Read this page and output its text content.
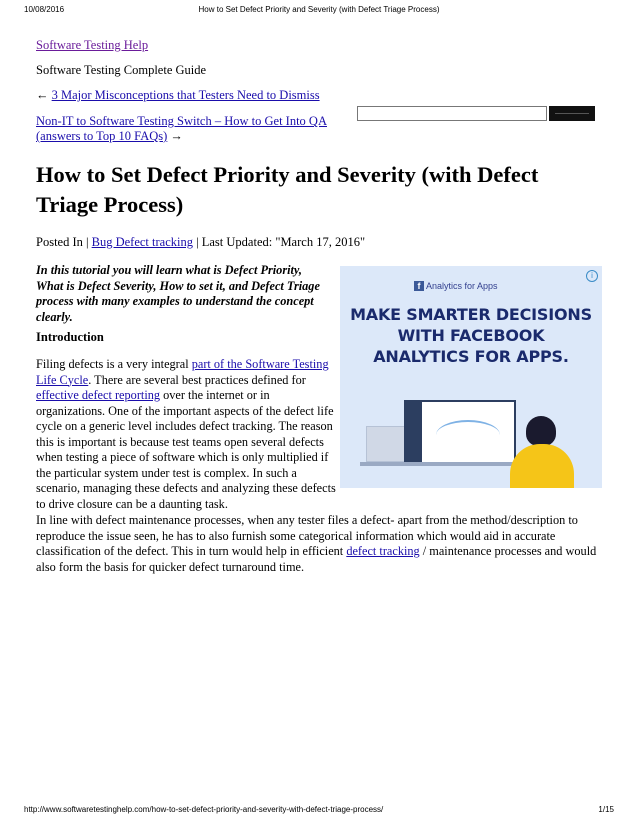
10/08/2016	How to Set Defect Priority and Severity (with Defect Triage Process)
Software Testing Help
Software Testing Complete Guide
← 3 Major Misconceptions that Testers Need to Dismiss
Non-IT to Software Testing Switch – How to Get Into QA (answers to Top 10 FAQs) →
How to Set Defect Priority and Severity (with Defect Triage Process)
Posted In | Bug Defect tracking | Last Updated: "March 17, 2016"
In this tutorial you will learn what is Defect Priority, What is Defect Severity, How to set it, and Defect Triage process with many examples to understand the concept clearly.
Introduction
Filing defects is a very integral part of the Software Testing Life Cycle. There are several best practices defined for effective defect reporting over the internet or in organizations. One of the important aspects of the defect life cycle on a generic level includes defect tracking. The reason this is important is because test teams open several defects when testing a piece of software which is only multiplied if the particular system under test is complex. In such a scenario, managing these defects and analyzing these defects to drive closure can be a daunting task.
In line with defect maintenance processes, when any tester files a defect- apart from the method/description to reproduce the issue seen, he has to also furnish some categorical information which would aid in accurate classification of the defect. This in turn would help in efficient defect tracking / maintenance processes and would also form the basis for quicker defect turnaround time.
f Analytics for Apps
i
MAKE SMARTER DECISIONS
WITH FACEBOOK
ANALYTICS FOR APPS.
http://www.softwaretestinghelp.com/how-to-set-defect-priority-and-severity-with-defect-triage-process/	1/15
